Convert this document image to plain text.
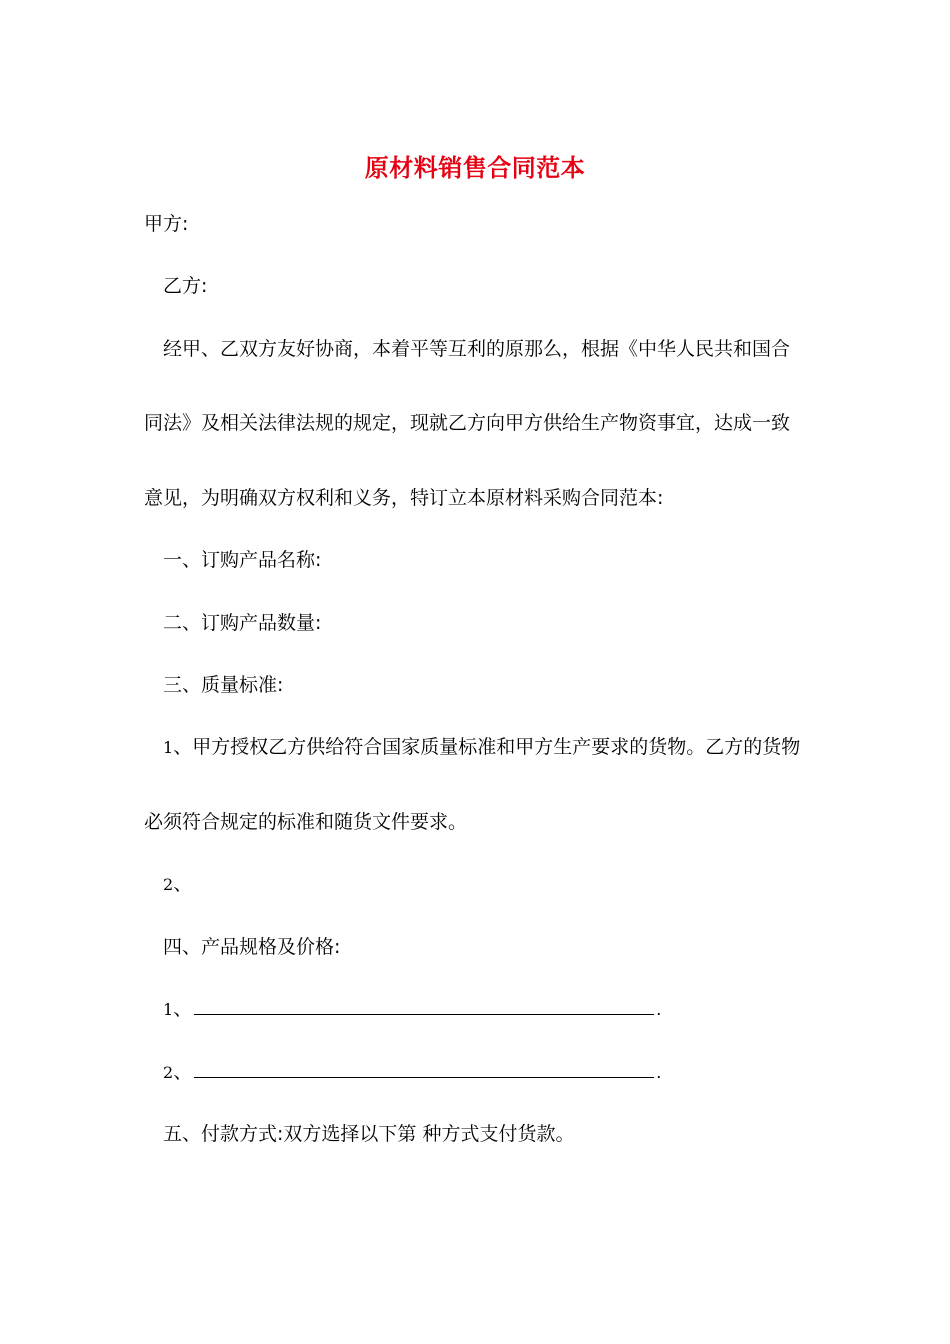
原材料销售合同范本
甲方:
乙方:
经甲、乙双方友好协商，本着平等互利的原那么，根据《中华人民共和国合
同法》及相关法律法规的规定，现就乙方向甲方供给生产物资事宜，达成一致
意见，为明确双方权利和义务，特订立本原材料采购合同范本:
一、订购产品名称:
二、订购产品数量:
三、质量标准:
1、甲方授权乙方供给符合国家质量标准和甲方生产要求的货物。乙方的货物
必须符合规定的标准和随货文件要求。
2、
四、产品规格及价格:
1、	.
2、	.
五、付款方式:双方选择以下第 种方式支付货款。
